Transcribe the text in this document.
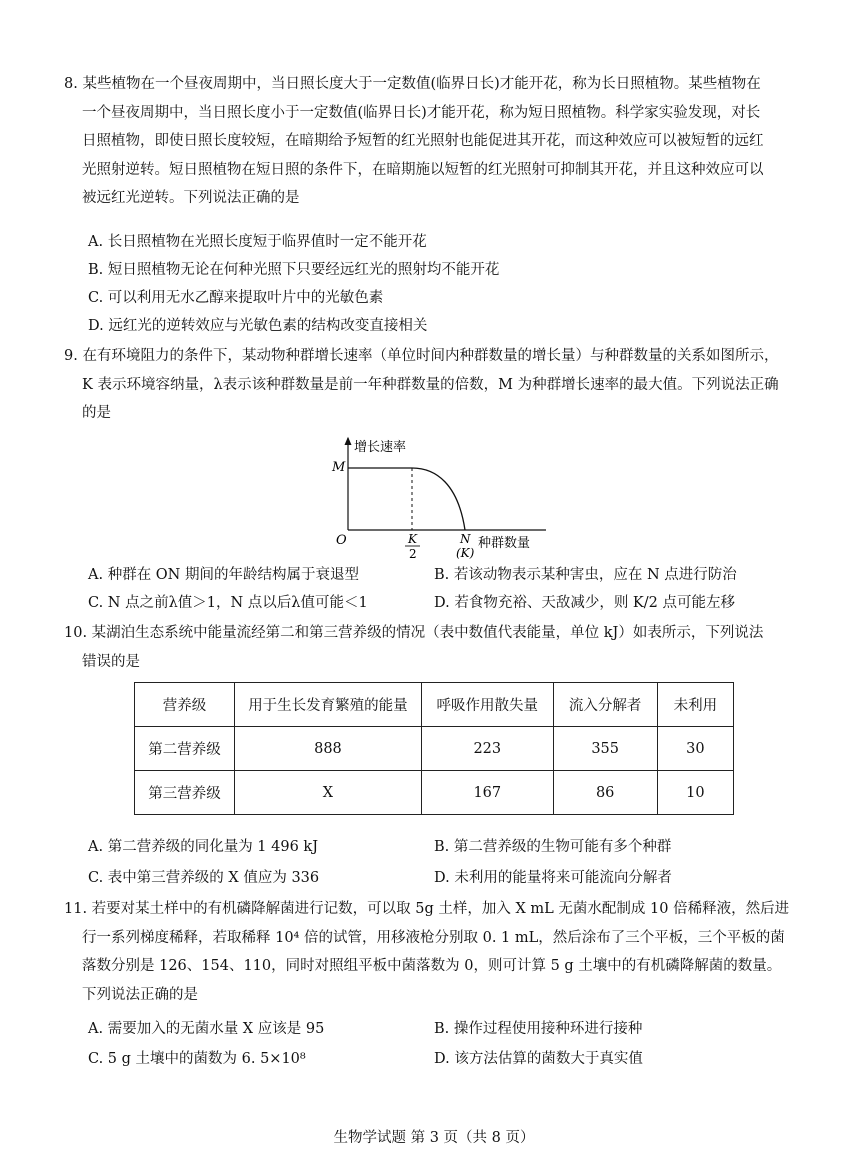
8. 某些植物在一个昼夜周期中，当日照长度大于一定数值(临界日长)才能开花，称为长日照植物。某些植物在

一个昼夜周期中，当日照长度小于一定数值(临界日长)才能开花，称为短日照植物。科学家实验发现，对长

日照植物，即使日照长度较短，在暗期给予短暂的红光照射也能促进其开花，而这种效应可以被短暂的远红

光照射逆转。短日照植物在短日照的条件下，在暗期施以短暂的红光照射可抑制其开花，并且这种效应可以

被远红光逆转。下列说法正确的是

A. 长日照植物在光照长度短于临界值时一定不能开花
B. 短日照植物无论在何种光照下只要经远红光的照射均不能开花
C. 可以利用无水乙醇来提取叶片中的光敏色素
D. 远红光的逆转效应与光敏色素的结构改变直接相关

9. 在有环境阻力的条件下，某动物种群增长速率（单位时间内种群数量的增长量）与种群数量的关系如图所示，

K 表示环境容纳量，λ表示该种群数量是前一年种群数量的倍数，M 为种群增长速率的最大值。下列说法正确

的是

增长速率
种群数量
O
M
K
2
N
(K)
A. 种群在 ON 期间的年龄结构属于衰退型	B. 若该动物表示某种害虫，应在 N 点进行防治
C. N 点之前λ值＞1，N 点以后λ值可能＜1	D. 若食物充裕、天敌减少，则 K/2 点可能左移

10. 某湖泊生态系统中能量流经第二和第三营养级的情况（表中数值代表能量，单位 kJ）如表所示，下列说法

错误的是

营养级	用于生长发育繁殖的能量	呼吸作用散失量	流入分解者	未利用
第二营养级	888	223	355	30
第三营养级	X	167	86	10
A. 第二营养级的同化量为 1 496 kJ	B. 第二营养级的生物可能有多个种群
C. 表中第三营养级的 X 值应为 336	D. 未利用的能量将来可能流向分解者

11. 若要对某土样中的有机磷降解菌进行记数，可以取 5g 土样，加入 X mL 无菌水配制成 10 倍稀释液，然后进

行一系列梯度稀释，若取稀释 10⁴ 倍的试管，用移液枪分别取 0. 1 mL，然后涂布了三个平板，三个平板的菌

落数分别是 126、154、110，同时对照组平板中菌落数为 0，则可计算 5 g 土壤中的有机磷降解菌的数量。

下列说法正确的是

A. 需要加入的无菌水量 X 应该是 95	B. 操作过程使用接种环进行接种
C. 5 g 土壤中的菌数为 6. 5×10⁸	D. 该方法估算的菌数大于真实值
生物学试题 第 3 页（共 8 页）
